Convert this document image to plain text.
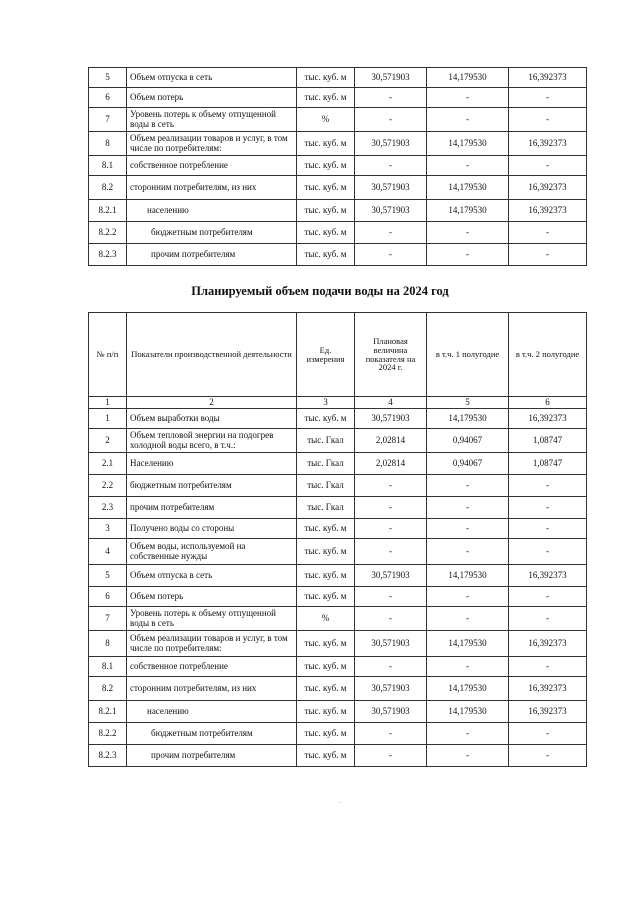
5	Объем отпуска в сеть	тыс. куб. м	30,571903	14,179530	16,392373
6	Объем потерь	тыс. куб. м	-	-	-
7	Уровень потерь к объему отпущенной воды в сеть	%	-	-	-
8	Объем реализации товаров и услуг, в том числе по потребителям:	тыс. куб. м	30,571903	14,179530	16,392373
8.1	собственное потребление	тыс. куб. м	-	-	-
8.2	сторонним потребителям, из них	тыс. куб. м	30,571903	14,179530	16,392373
8.2.1	населению	тыс. куб. м	30,571903	14,179530	16,392373
8.2.2	бюджетным потребителям	тыс. куб. м	-	-	-
8.2.3	прочим потребителям	тыс. куб. м	-	-	-
Планируемый объем подачи воды на 2024 год
№ п/п	Показатели производственной деятельности	Ед. измерения	Плановая величина показателя на 2024 г.	в т.ч. 1 полугодие	в т.ч. 2 полугодие
1	2	3	4	5	6
1	Объем выработки воды	тыс. куб. м	30,571903	14,179530	16,392373
2	Объем тепловой энергии на подогрев холодной воды всего, в т.ч.:	тыс. Гкал	2,02814	0,94067	1,08747
2.1	Населению	тыс. Гкал	2,02814	0,94067	1,08747
2.2	бюджетным потребителям	тыс. Гкал	-	-	-
2.3	прочим потребителям	тыс. Гкал	-	-	-
3	Получено воды со стороны	тыс. куб. м	-	-	-
4	Объем воды, используемой на собственные нужды	тыс. куб. м	-	-	-
5	Объем отпуска в сеть	тыс. куб. м	30,571903	14,179530	16,392373
6	Объем потерь	тыс. куб. м	-	-	-
7	Уровень потерь к объему отпущенной воды в сеть	%	-	-	-
8	Объем реализации товаров и услуг, в том числе по потребителям:	тыс. куб. м	30,571903	14,179530	16,392373
8.1	собственное потребление	тыс. куб. м	-	-	-
8.2	сторонним потребителям, из них	тыс. куб. м	30,571903	14,179530	16,392373
8.2.1	населению	тыс. куб. м	30,571903	14,179530	16,392373
8.2.2	бюджетным потребителям	тыс. куб. м	-	-	-
8.2.3	прочим потребителям	тыс. куб. м	-	-	-
